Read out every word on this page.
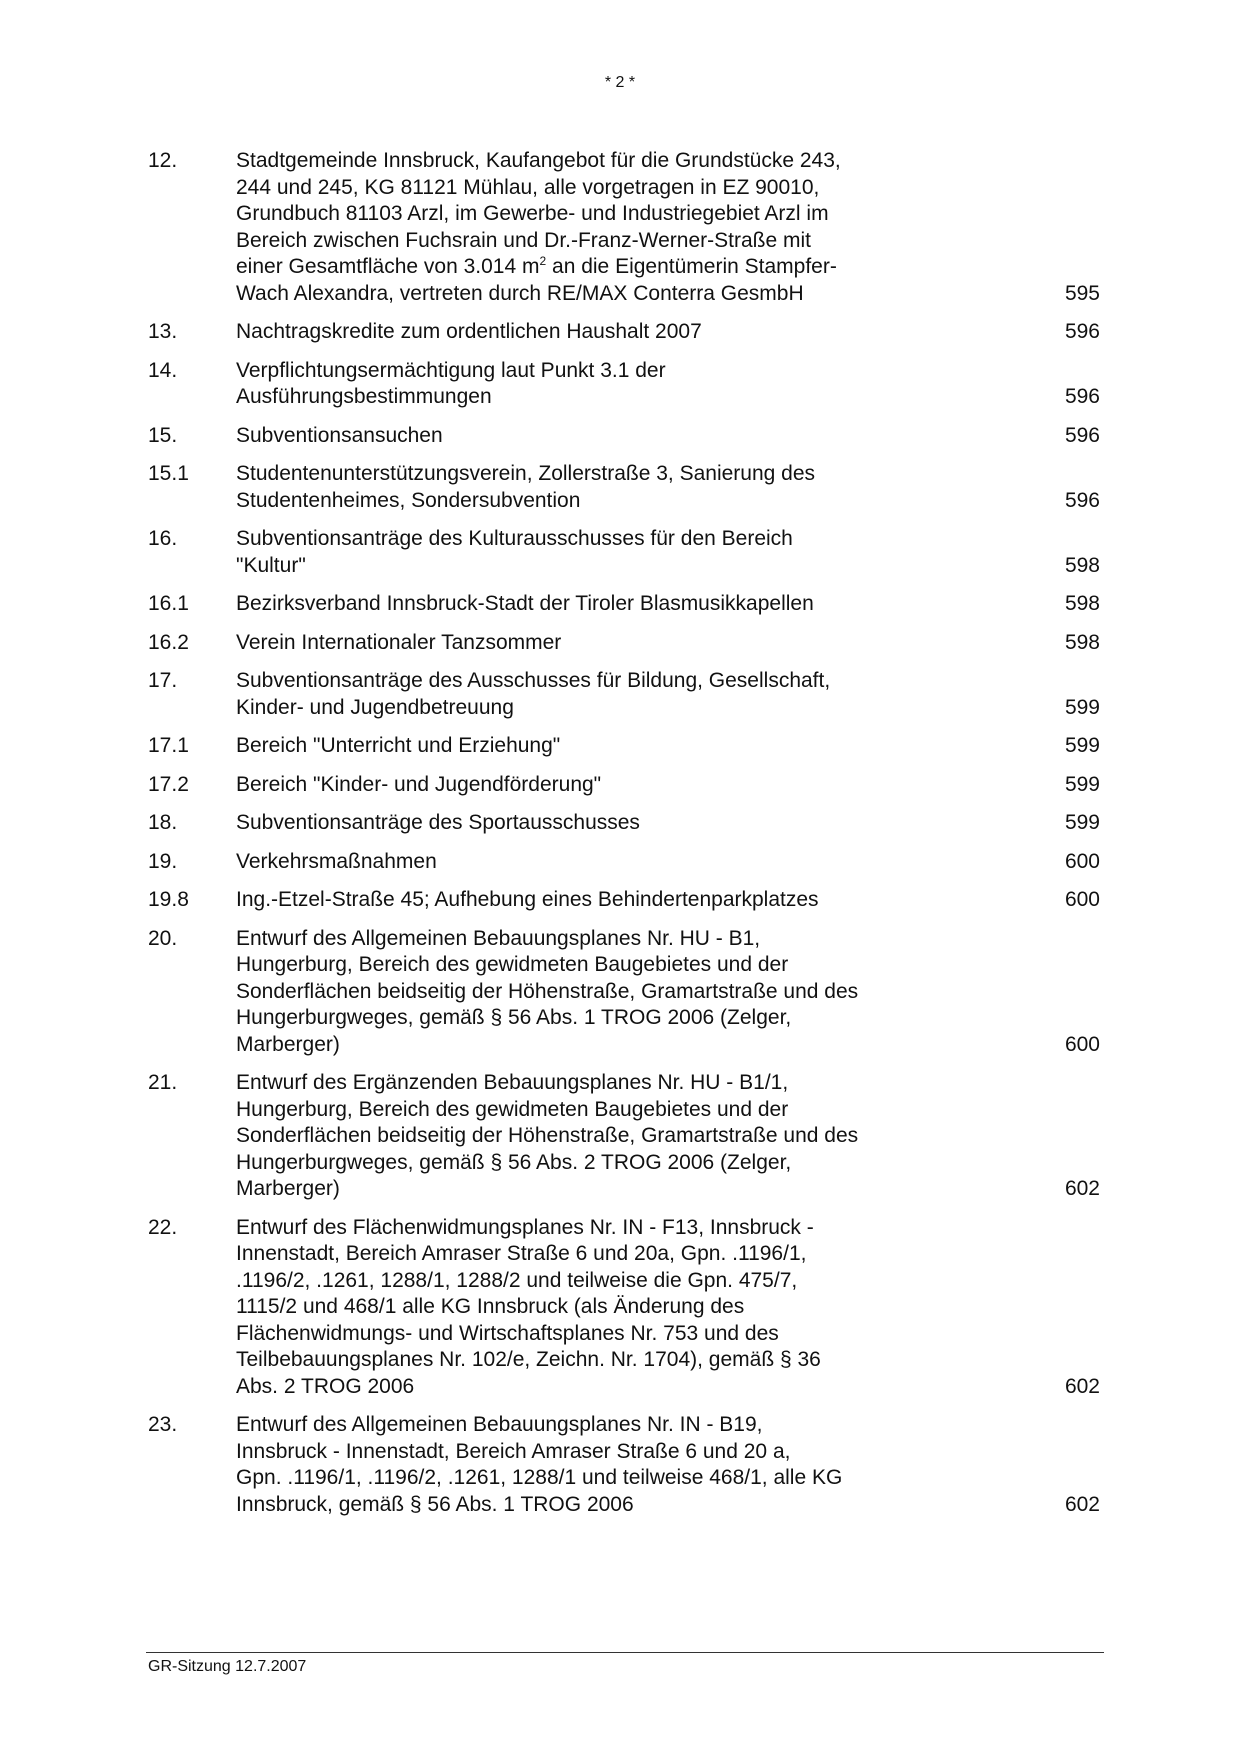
* 2 *
12.	Stadtgemeinde Innsbruck, Kaufangebot für die Grundstücke 243,
244 und 245, KG 81121 Mühlau, alle vorgetragen in EZ 90010,
Grundbuch 81103 Arzl, im Gewerbe- und Industriegebiet Arzl im
Bereich zwischen Fuchsrain und Dr.-Franz-Werner-Straße mit
einer Gesamtfläche von 3.014 $m^2$ an die Eigentümerin Stampfer-
Wach Alexandra, vertreten durch RE/MAX Conterra GesmbH	595
13.	Nachtragskredite zum ordentlichen Haushalt 2007	596
14.	Verpflichtungsermächtigung laut Punkt 3.1 der
Ausführungsbestimmungen	596
15.	Subventionsansuchen	596
15.1	Studentenunterstützungsverein, Zollerstraße 3, Sanierung des
Studentenheimes, Sondersubvention	596
16.	Subventionsanträge des Kulturausschusses für den Bereich
"Kultur"	598
16.1	Bezirksverband Innsbruck-Stadt der Tiroler Blasmusikkapellen	598
16.2	Verein Internationaler Tanzsommer	598
17.	Subventionsanträge des Ausschusses für Bildung, Gesellschaft,
Kinder- und Jugendbetreuung	599
17.1	Bereich "Unterricht und Erziehung"	599
17.2	Bereich "Kinder- und Jugendförderung"	599
18.	Subventionsanträge des Sportausschusses	599
19.	Verkehrsmaßnahmen	600
19.8	Ing.-Etzel-Straße 45; Aufhebung eines Behindertenparkplatzes	600
20.	Entwurf des Allgemeinen Bebauungsplanes Nr. HU - B1,
Hungerburg, Bereich des gewidmeten Baugebietes und der
Sonderflächen beidseitig der Höhenstraße, Gramartstraße und des
Hungerburgweges, gemäß § 56 Abs. 1 TROG 2006 (Zelger,
Marberger)	600
21.	Entwurf des Ergänzenden Bebauungsplanes Nr. HU - B1/1,
Hungerburg, Bereich des gewidmeten Baugebietes und der
Sonderflächen beidseitig der Höhenstraße, Gramartstraße und des
Hungerburgweges, gemäß § 56 Abs. 2 TROG 2006 (Zelger,
Marberger)	602
22.	Entwurf des Flächenwidmungsplanes Nr. IN - F13, Innsbruck -
Innenstadt, Bereich Amraser Straße 6 und 20a, Gpn. .1196/1,
.1196/2, .1261, 1288/1, 1288/2 und teilweise die Gpn. 475/7,
1115/2 und 468/1 alle KG Innsbruck (als Änderung des
Flächenwidmungs- und Wirtschaftsplanes Nr. 753 und des
Teilbebauungsplanes Nr. 102/e, Zeichn. Nr. 1704), gemäß § 36
Abs. 2 TROG 2006	602
23.	Entwurf des Allgemeinen Bebauungsplanes Nr. IN - B19,
Innsbruck - Innenstadt, Bereich Amraser Straße 6 und 20 a,
Gpn. .1196/1, .1196/2, .1261, 1288/1 und teilweise 468/1, alle KG
Innsbruck, gemäß § 56 Abs. 1 TROG 2006	602
GR-Sitzung 12.7.2007
